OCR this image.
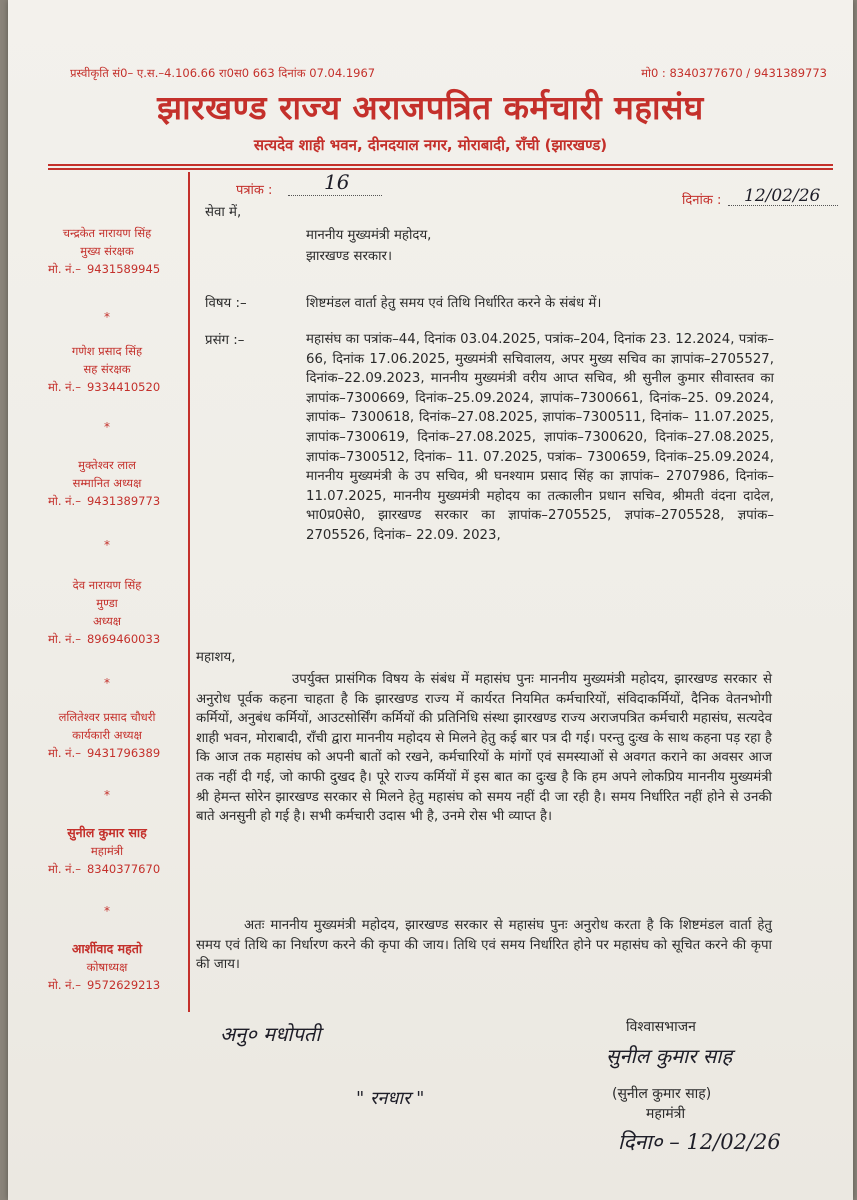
प्रस्वीकृति सं0– ए.स.–4.106.66 रा0स0 663 दिनांक 07.04.1967	मो0 : 8340377670 / 9431389773
झारखण्ड राज्य अराजपत्रित कर्मचारी महासंघ
सत्यदेव शाही भवन, दीनदयाल नगर, मोराबादी, राँची (झारखण्ड)
चन्द्रकेत नारायण सिंह
मुख्य संरक्षक
मो. नं.– 9431589945
*
गणेश प्रसाद सिंह
सह संरक्षक
मो. नं.– 9334410520
*
मुक्तेश्वर लाल
सम्मानित अध्यक्ष
मो. नं.– 9431389773
*
देव नारायण सिंह
मुण्डा
अध्यक्ष
मो. नं.– 8969460033
*
ललितेश्वर प्रसाद चौधरी
कार्यकारी अध्यक्ष
मो. नं.– 9431796389
*
सुनील कुमार साह
महामंत्री
मो. नं.– 8340377670
*
आर्शीवाद महतो
कोषाध्यक्ष
मो. नं.– 9572629213
पत्रांक :	16
दिनांक : 12/02/26
सेवा में,
माननीय मुख्यमंत्री महोदय,
झारखण्ड सरकार।
विषय :–	शिष्टमंडल वार्ता हेतु समय एवं तिथि निर्धारित करने के संबंध में।
प्रसंग :–	महासंघ का पत्रांक–44, दिनांक 03.04.2025, पत्रांक–204, दिनांक 23. 12.2024, पत्रांक–66, दिनांक 17.06.2025, मुख्यमंत्री सचिवालय, अपर मुख्य सचिव का ज्ञापांक–2705527, दिनांक–22.09.2023, माननीय मुख्यमंत्री वरीय आप्त सचिव, श्री सुनील कुमार सीवास्तव का ज्ञापांक–7300669, दिनांक–25.09.2024, ज्ञापांक–7300661, दिनांक–25. 09.2024, ज्ञापांक– 7300618, दिनांक–27.08.2025, ज्ञापांक–7300511, दिनांक– 11.07.2025, ज्ञापांक–7300619, दिनांक–27.08.2025, ज्ञापांक–7300620, दिनांक–27.08.2025, ज्ञापांक–7300512, दिनांक– 11. 07.2025, पत्रांक– 7300659, दिनांक–25.09.2024, माननीय मुख्यमंत्री के उप सचिव, श्री घनश्याम प्रसाद सिंह का ज्ञापांक– 2707986, दिनांक– 11.07.2025, माननीय मुख्यमंत्री महोदय का तत्कालीन प्रधान सचिव, श्रीमती वंदना दादेल, भा0प्र0से0, झारखण्ड सरकार का ज्ञापांक–2705525, ज्ञपांक–2705528, ज्ञपांक– 2705526, दिनांक– 22.09. 2023,
महाशय,
उपर्युक्त प्रासंगिक विषय के संबंध में महासंघ पुनः माननीय मुख्यमंत्री महोदय, झारखण्ड सरकार से अनुरोध पूर्वक कहना चाहता है कि झारखण्ड राज्य में कार्यरत नियमित कर्मचारियों, संविदाकर्मियों, दैनिक वेतनभोगी कर्मियों, अनुबंध कर्मियों, आउटसोर्सिंग कर्मियों की प्रतिनिधि संस्था झारखण्ड राज्य अराजपत्रित कर्मचारी महासंघ, सत्यदेव शाही भवन, मोराबादी, राँची द्वारा माननीय महोदय से मिलने हेतु कई बार पत्र दी गई। परन्तु दुःख के साथ कहना पड़ रहा है कि आज तक महासंघ को अपनी बातों को रखने, कर्मचारियों के मांगों एवं समस्याओं से अवगत कराने का अवसर आज तक नहीं दी गई, जो काफी दुखद है। पूरे राज्य कर्मियों में इस बात का दुःख है कि हम अपने लोकप्रिय माननीय मुख्यमंत्री श्री हेमन्त सोरेन झारखण्ड सरकार से मिलने हेतु महासंघ को समय नहीं दी जा रही है। समय निर्धारित नहीं होने से उनकी बाते अनसुनी हो गई है। सभी कर्मचारी उदास भी है, उनमे रोस भी व्याप्त है।
अतः माननीय मुख्यमंत्री महोदय, झारखण्ड सरकार से महासंघ पुनः अनुरोध करता है कि शिष्टमंडल वार्ता हेतु समय एवं तिथि का निर्धारण करने की कृपा की जाय। तिथि एवं समय निर्धारित होने पर महासंघ को सूचित करने की कृपा की जाय।
विश्वासभाजन
सुनील कुमार साह
(सुनील कुमार साह)
महामंत्री
दिना० – 12/02/26
अनु० मधोपती
" रनधार "
